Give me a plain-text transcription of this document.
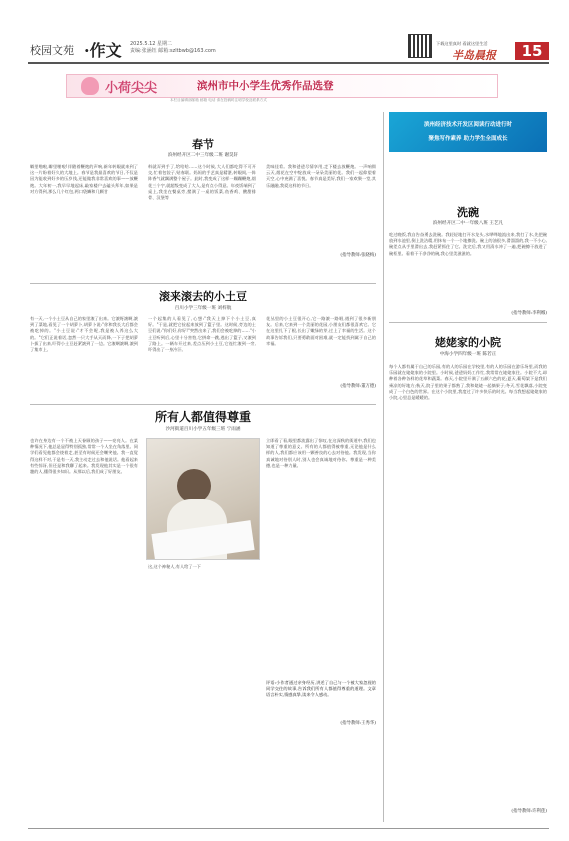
校园文苑 ·作文 2025.5.12 星期二
责编:张涵钰 邮箱:szltbwb@163.com
下载这里真时 看就这里生活
半岛晨报	15
小荷尖尖	滨州市中小学生优秀作品选登
本栏目编辑部邮箱 邮箱 电话 请在投稿时注明学校及联系方式
春节
滨州经开区二中三年级二班 谢昊轩
噼里啪啦,噼里啪啦!伴随着鞭炮的声响,新年转眼就来到了这一片盼着好久的大地上。春节是我最喜欢的节日,不仅是因为能收到好多的压岁钱,还能做我非常喜欢的事——放鞭炮。大年初一,我早早地起床,敲家楼户去磕头拜年,如果是对方得到,那么几个红包,两口袋鳞和几颗甘
料就弄到手了,给哈哈……这个时候,大人们都吃得不可开交,忙着包饺子,贴春联。妈妈的手艺真是精湛,转眼间,一阵阵香气就飘满整个屋子。此时,我变成了这样一蹦蹦鞭炮,烟花三个字,就超级变成了大人,是有点小得意。年夜饭端到了桌上,我坐在餐桌旁,摆满了一桌的饭菜,鱼香鸡、酸甜排骨、汉堡等
美味佳肴。我和爸爸尽情享用,走下楼去放鞭炮。一声响彻云天,烟花在空中绽放成一朵朵美丽的花。我们一起仰望着天空,心中充满了喜悦。春节真是美好,我们一家欢聚一堂,其乐融融,我爱这样的节日。
(指导教师:张晓梅)
滚来滚去的小土豆
百川小学三年级一班 刘梓航
有一天,一个小土豆从自己的家里滚了出来。它滚呀滚啊,滚到了菜地,看见了一个胡萝卜,胡萝卜说:"你和我长大后都会被吃掉的。"小土豆说:"才不会呢,我是被人养这么大的。"它们正说着话,忽然一只大手从天而降,一下子把胡萝卜拔了出来,吓得小土豆赶紧滚到了一边。它滚啊滚啊,滚到了集市上,
一个起集的人看见了,心想:"我天上掉下个小土豆,真好。"于是,就把它捡起来放到了篮子里。这时候,旁边的土豆们说:"你们好,你好!"突然出来了,我们会被吃掉的……"小土豆听到后,心里十分害怕,它拼命一跳,逃出了篮子,又滚到了路上。一辆车开过来,差点压到小土豆,它连忙滚到一旁,吓得出了一身冷汗。
花丛里的小土豆很开心,它一路滚一路唱,遇到了很多新朋友。后来,它来到一个美丽的花园,小朋友们都很喜欢它。它在这里扎下了根,长出了嫩绿的芽,过上了幸福的生活。这个故事告诉我们,只要勇敢面对困难,就一定能找到属于自己的幸福。
(指导教师:董万德)
所有人都值得尊重
沙河街道百川小学五年级三班 宁雨涵
也许在身边有一个不被上天眷顾的孩子——亮亮人。在某种情况下,他总是显得特别孤独,常常一个人坐在角落里。同学们看见他都会绕着走,甚至有时候还会嘲笑他。我一直觉得这样不对,于是有一天,我主动走过去和他说话。他看起来有些惊讶,但还是和我聊了起来。我发现他其实是一个很有趣的人,懂得很多知识。从那以后,我们成了好朋友。
这,这个神秘人,有人给了一下
立即看了看,眼里都流露出了惊叹,在这深秋的街道中,我们也知道了尊重的意义。所有的人都值得被尊重,无论他是什么样的人,我们都应该用一颗善良的心去对待他。我发现,当你真诚地对待别人时,别人也会真诚地对待你。尊重是一种美德,也是一种力量。
评语:小作者通过亲身经历,讲述了自己与一个被大家忽视的同学交往的故事,告诉我们所有人都值得尊重的道理。文章语言朴实,情感真挚,读来令人感动。
(指导教师:王秀华)
滨州经济技术开发区阅读行动进行时
聚焦写作素养 助力学生全面成长
洗碗
滨州经开区二中一年级八班 王艺凡
吃过晚饭,我自告奋勇去洗碗。我轻轻地打开水龙头,水哗哗地流出来,我打了水,先把碗放到水池里,倒上洗洁精,用抹布一个一个地擦洗。碗上的油很多,滑溜溜的,我一不小心,碗差点从手里滑出去,我赶紧抓住了它。洗完后,我又用清水冲了一遍,把碗擦干放进了碗柜里。看着干干净净的碗,我心里美滋滋的。
(指导教师:李利娜)
姥姥家的小院
中海小学四年级一班 陈若正
每个人都有属于自己的乐园,有的人的乐园在学校里,有的人的乐园在游乐场里,而我的乐园就在姥姥家的小院里。小时候,爸爸妈妈工作忙,我常常在姥姥家住。小院不大,却种着各种各样的花草和蔬菜。春天,小院里开满了五颜六色的花;夏天,葡萄架下是我们乘凉的好地方;秋天,院子里的果子都熟了,我和姥姥一起摘果子;冬天,雪花飘落,小院变成了一个白色的世界。在这个小院里,我度过了许多快乐的时光。每当我想起姥姥家的小院,心里总是暖暖的。
(指导教师:许利莲)
